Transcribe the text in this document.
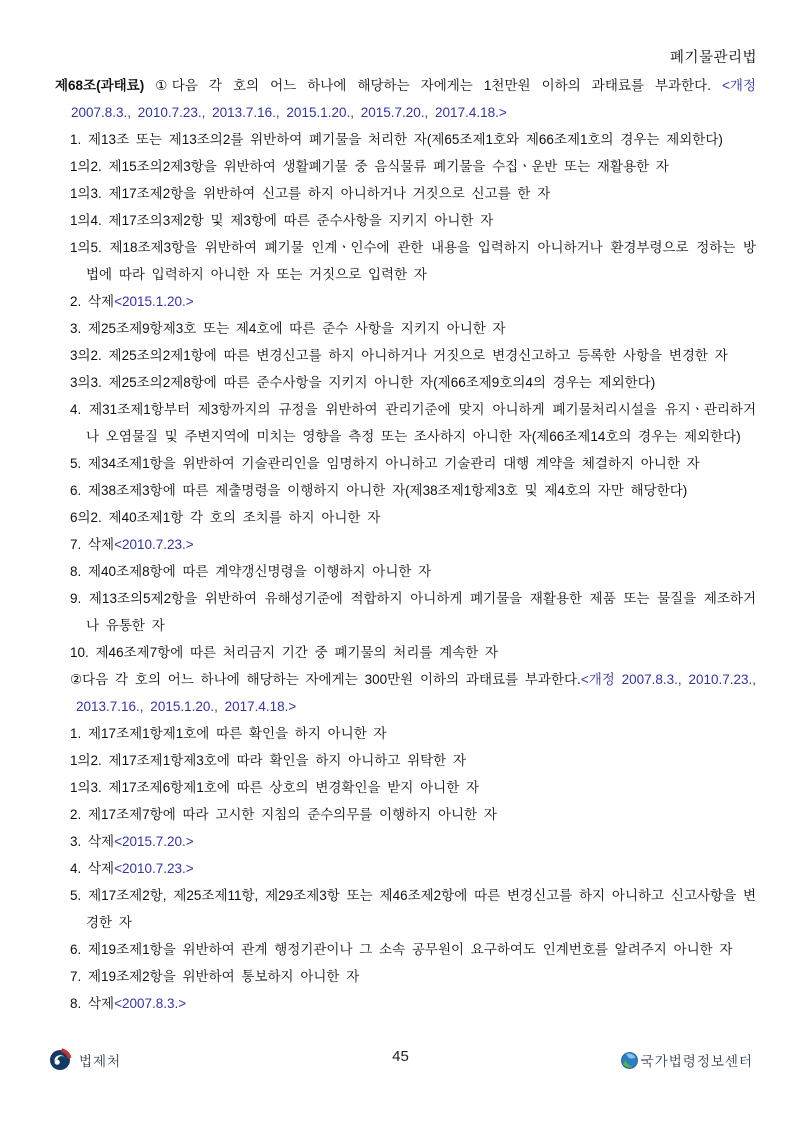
폐기물관리법
제68조(과태료) ①다음 각 호의 어느 하나에 해당하는 자에게는 1천만원 이하의 과태료를 부과한다. <개정 2007.8.3., 2010.7.23., 2013.7.16., 2015.1.20., 2015.7.20., 2017.4.18.>
1. 제13조 또는 제13조의2를 위반하여 폐기물을 처리한 자(제65조제1호와 제66조제1호의 경우는 제외한다)
1의2. 제15조의2제3항을 위반하여 생활폐기물 중 음식물류 폐기물을 수집ㆍ운반 또는 재활용한 자
1의3. 제17조제2항을 위반하여 신고를 하지 아니하거나 거짓으로 신고를 한 자
1의4. 제17조의3제2항 및 제3항에 따른 준수사항을 지키지 아니한 자
1의5. 제18조제3항을 위반하여 폐기물 인계ㆍ인수에 관한 내용을 입력하지 아니하거나 환경부령으로 정하는 방법에 따라 입력하지 아니한 자 또는 거짓으로 입력한 자
2. 삭제<2015.1.20.>
3. 제25조제9항제3호 또는 제4호에 따른 준수 사항을 지키지 아니한 자
3의2. 제25조의2제1항에 따른 변경신고를 하지 아니하거나 거짓으로 변경신고하고 등록한 사항을 변경한 자
3의3. 제25조의2제8항에 따른 준수사항을 지키지 아니한 자(제66조제9호의4의 경우는 제외한다)
4. 제31조제1항부터 제3항까지의 규정을 위반하여 관리기준에 맞지 아니하게 폐기물처리시설을 유지ㆍ관리하거나 오염물질 및 주변지역에 미치는 영향을 측정 또는 조사하지 아니한 자(제66조제14호의 경우는 제외한다)
5. 제34조제1항을 위반하여 기술관리인을 임명하지 아니하고 기술관리 대행 계약을 체결하지 아니한 자
6. 제38조제3항에 따른 제출명령을 이행하지 아니한 자(제38조제1항제3호 및 제4호의 자만 해당한다)
6의2. 제40조제1항 각 호의 조치를 하지 아니한 자
7. 삭제<2010.7.23.>
8. 제40조제8항에 따른 계약갱신명령을 이행하지 아니한 자
9. 제13조의5제2항을 위반하여 유해성기준에 적합하지 아니하게 폐기물을 재활용한 제품 또는 물질을 제조하거나 유통한 자
10. 제46조제7항에 따른 처리금지 기간 중 폐기물의 처리를 계속한 자
②다음 각 호의 어느 하나에 해당하는 자에게는 300만원 이하의 과태료를 부과한다.<개정 2007.8.3., 2010.7.23., 2013.7.16., 2015.1.20., 2017.4.18.>
1. 제17조제1항제1호에 따른 확인을 하지 아니한 자
1의2. 제17조제1항제3호에 따라 확인을 하지 아니하고 위탁한 자
1의3. 제17조제6항제1호에 따른 상호의 변경확인을 받지 아니한 자
2. 제17조제7항에 따라 고시한 지침의 준수의무를 이행하지 아니한 자
3. 삭제<2015.7.20.>
4. 삭제<2010.7.23.>
5. 제17조제2항, 제25조제11항, 제29조제3항 또는 제46조제2항에 따른 변경신고를 하지 아니하고 신고사항을 변경한 자
6. 제19조제1항을 위반하여 관계 행정기관이나 그 소속 공무원이 요구하여도 인계번호를 알려주지 아니한 자
7. 제19조제2항을 위반하여 통보하지 아니한 자
8. 삭제<2007.8.3.>
법제처	45	국가법령정보센터
